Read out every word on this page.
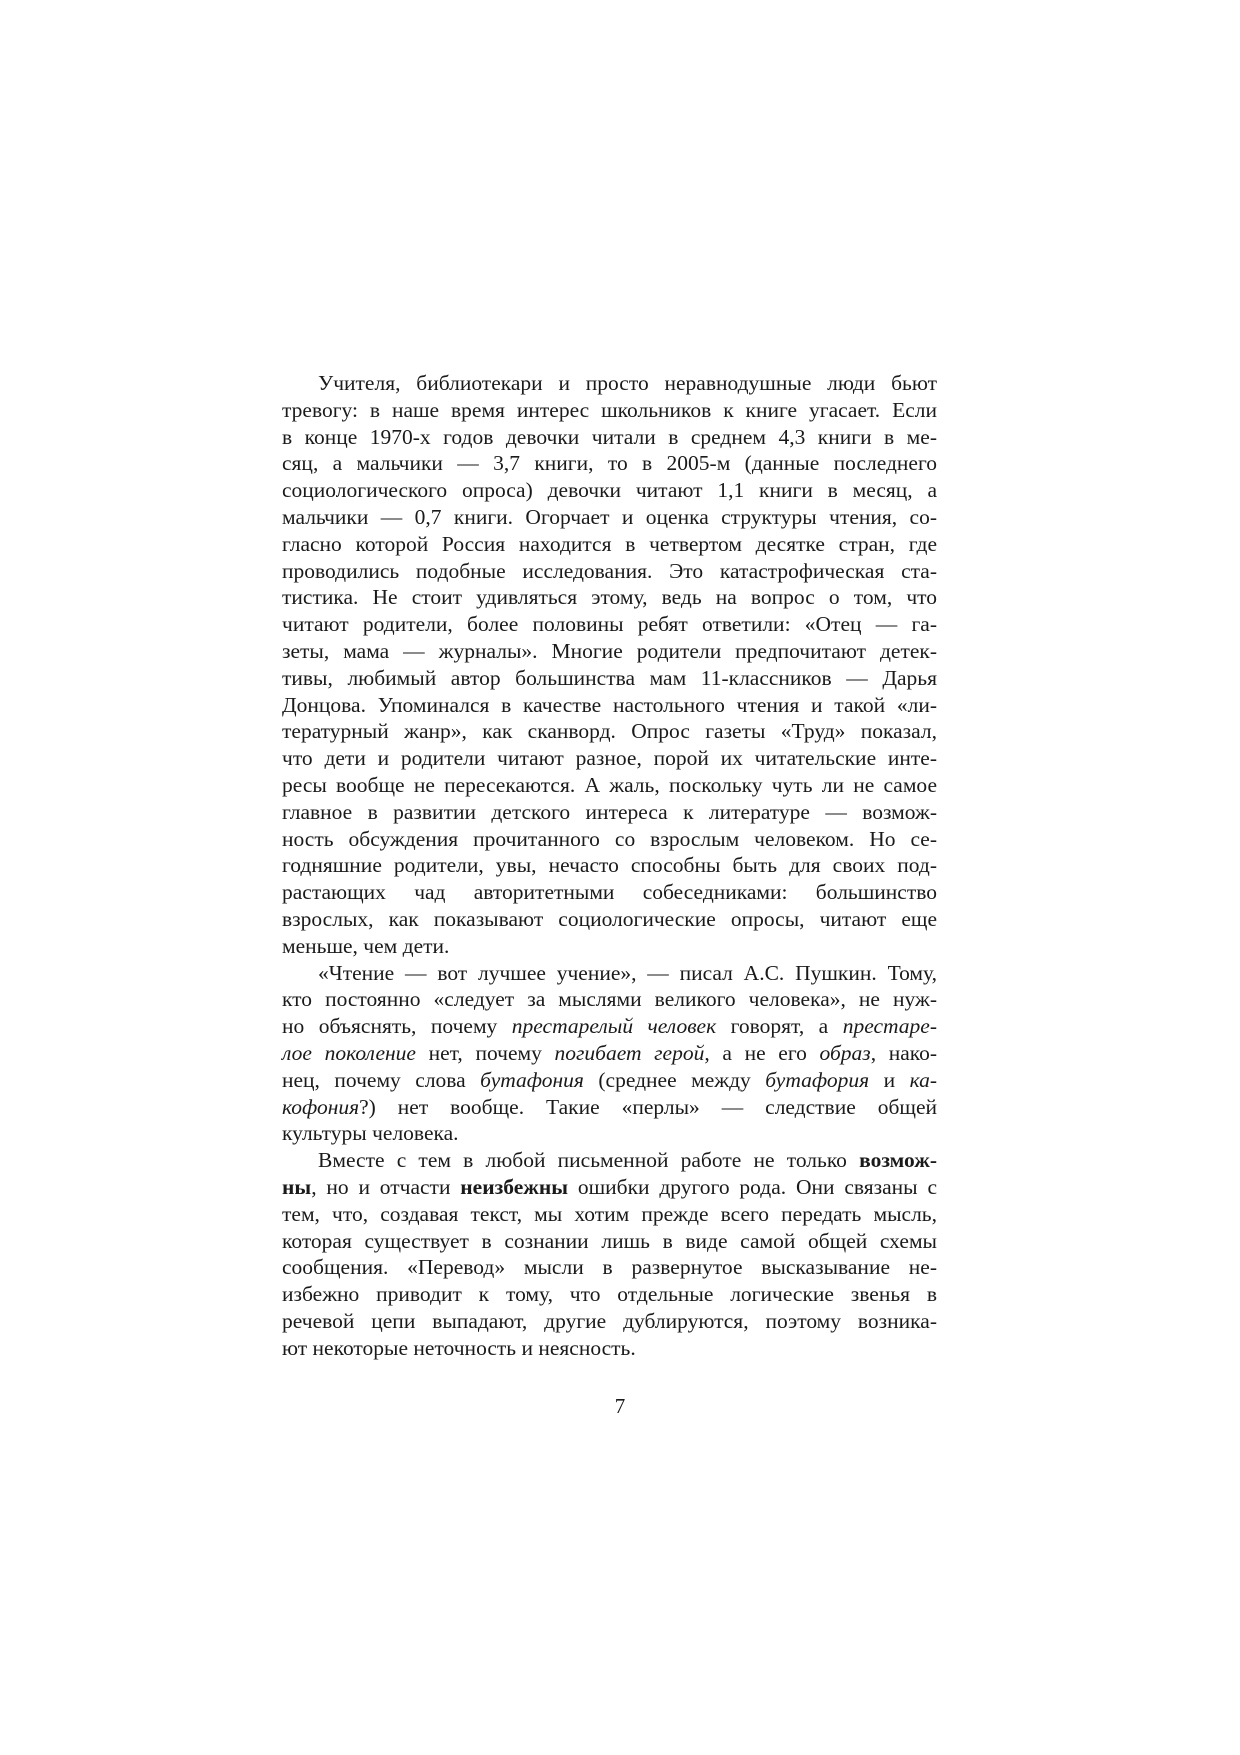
Учителя, библиотекари и просто неравнодушные люди бьют
тревогу: в наше время интерес школьников к книге угасает. Если
в конце 1970-х годов девочки читали в среднем 4,3 книги в ме-
сяц, а мальчики — 3,7 книги, то в 2005-м (данные последнего
социологического опроса) девочки читают 1,1 книги в месяц, а
мальчики — 0,7 книги. Огорчает и оценка структуры чтения, со-
гласно которой Россия находится в четвертом десятке стран, где
проводились подобные исследования. Это катастрофическая ста-
тистика. Не стоит удивляться этому, ведь на вопрос о том, что
читают родители, более половины ребят ответили: «Отец — га-
зеты, мама — журналы». Многие родители предпочитают детек-
тивы, любимый автор большинства мам 11-классников — Дарья
Донцова. Упоминался в качестве настольного чтения и такой «ли-
тературный жанр», как сканворд. Опрос газеты «Труд» показал,
что дети и родители читают разное, порой их читательские инте-
ресы вообще не пересекаются. А жаль, поскольку чуть ли не самое
главное в развитии детского интереса к литературе — возмож-
ность обсуждения прочитанного со взрослым человеком. Но се-
годняшние родители, увы, нечасто способны быть для своих под-
растающих чад авторитетными собеседниками: большинство
взрослых, как показывают социологические опросы, читают еще
меньше, чем дети.
«Чтение — вот лучшее учение», — писал А.С. Пушкин. Тому,
кто постоянно «следует за мыслями великого человека», не нуж-
но объяснять, почему престарелый человек говорят, а престаре-
лое поколение нет, почему погибает герой, а не его образ, нако-
нец, почему слова бутафония (среднее между бутафория и ка-
кофония?) нет вообще. Такие «перлы» — следствие общей
культуры человека.
Вместе с тем в любой письменной работе не только возмож-
ны, но и отчасти неизбежны ошибки другого рода. Они связаны с
тем, что, создавая текст, мы хотим прежде всего передать мысль,
которая существует в сознании лишь в виде самой общей схемы
сообщения. «Перевод» мысли в развернутое высказывание не-
избежно приводит к тому, что отдельные логические звенья в
речевой цепи выпадают, другие дублируются, поэтому возника-
ют некоторые неточность и неясность.
7
